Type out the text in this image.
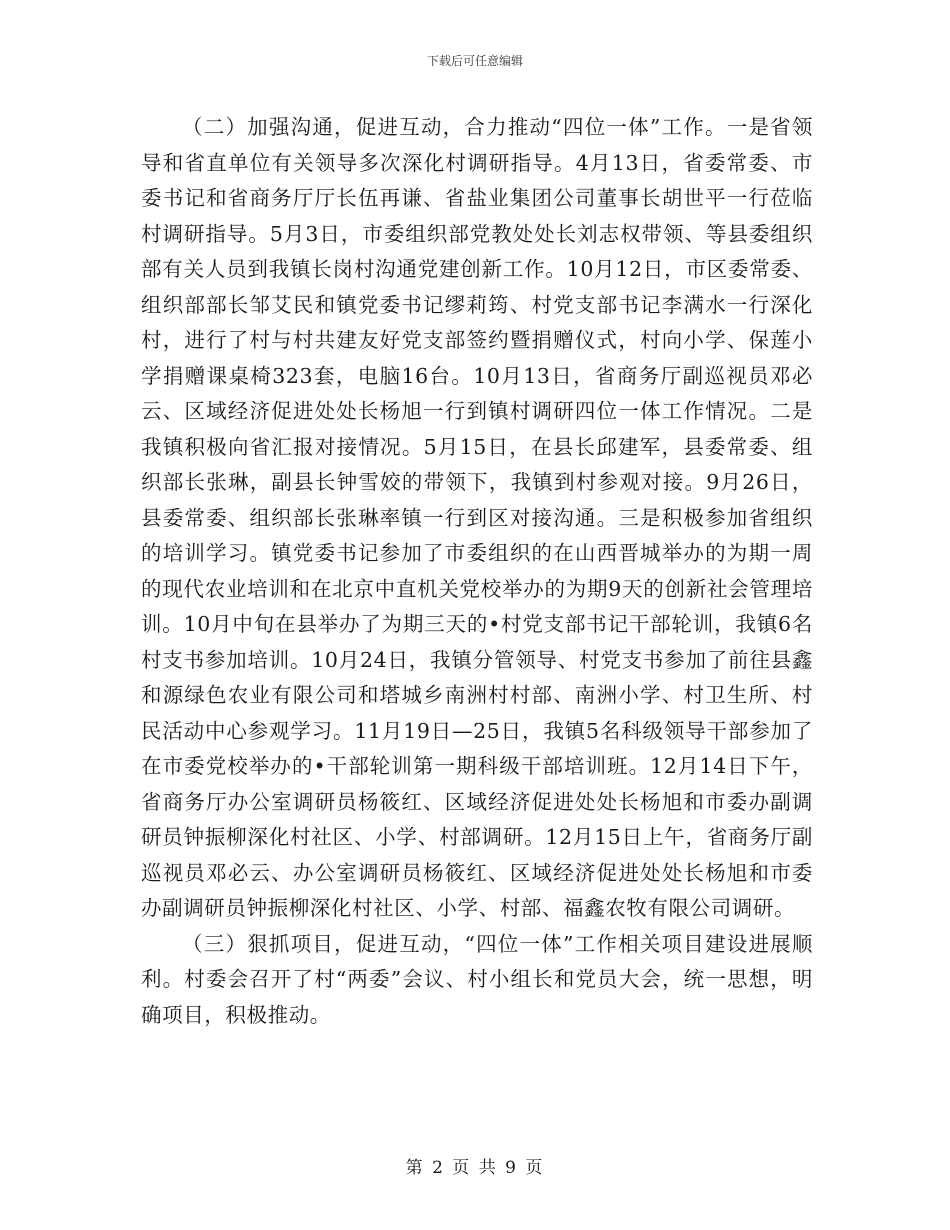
下载后可任意编辑

（二）加强沟通，促进互动，合力推动“四位一体”工作。一是省领导和省直单位有关领导多次深化村调研指导。4月13日，省委常委、市委书记和省商务厅厅长伍再谦、省盐业集团公司董事长胡世平一行莅临村调研指导。5月3日，市委组织部党教处处长刘志权带领、等县委组织部有关人员到我镇长岗村沟通党建创新工作。10月12日，市区委常委、组织部部长邹艾民和镇党委书记缪莉筠、村党支部书记李满水一行深化村，进行了村与村共建友好党支部签约暨捐赠仪式，村向小学、保莲小学捐赠课桌椅323套，电脑16台。10月13日，省商务厅副巡视员邓必云、区域经济促进处处长杨旭一行到镇村调研四位一体工作情况。二是我镇积极向省汇报对接情况。5月15日，在县长邱建军，县委常委、组织部长张琳，副县长钟雪姣的带领下，我镇到村参观对接。9月26日，县委常委、组织部长张琳率镇一行到区对接沟通。三是积极参加省组织的培训学习。镇党委书记参加了市委组织的在山西晋城举办的为期一周的现代农业培训和在北京中直机关党校举办的为期9天的创新社会管理培训。10月中旬在县举办了为期三天的•村党支部书记干部轮训，我镇6名村支书参加培训。10月24日，我镇分管领导、村党支书参加了前往县鑫和源绿色农业有限公司和塔城乡南洲村村部、南洲小学、村卫生所、村民活动中心参观学习。11月19日—25日，我镇5名科级领导干部参加了在市委党校举办的•干部轮训第一期科级干部培训班。12月14日下午，省商务厅办公室调研员杨筱红、区域经济促进处处长杨旭和市委办副调研员钟振柳深化村社区、小学、村部调研。12月15日上午，省商务厅副巡视员邓必云、办公室调研员杨筱红、区域经济促进处处长杨旭和市委办副调研员钟振柳深化村社区、小学、村部、福鑫农牧有限公司调研。

（三）狠抓项目，促进互动，“四位一体”工作相关项目建设进展顺利。村委会召开了村“两委”会议、村小组长和党员大会，统一思想，明确项目，积极推动。

第 2 页 共 9 页
